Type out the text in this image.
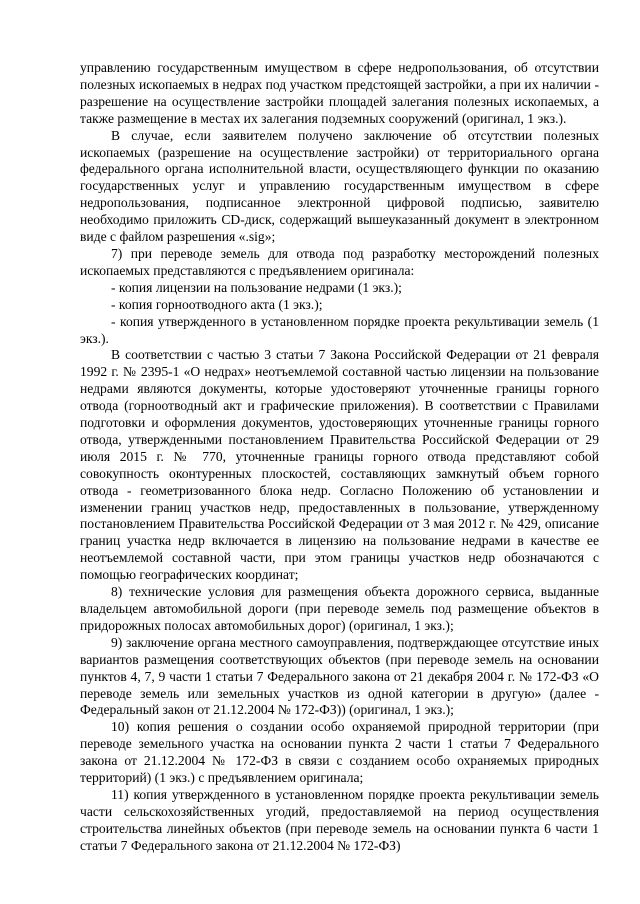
управлению государственным имуществом в сфере недропользования, об отсутствии полезных ископаемых в недрах под участком предстоящей застройки, а при их наличии - разрешение на осуществление застройки площадей залегания полезных ископаемых, а также размещение в местах их залегания подземных сооружений (оригинал, 1 экз.).

В случае, если заявителем получено заключение об отсутствии полезных ископаемых (разрешение на осуществление застройки) от территориального органа федерального органа исполнительной власти, осуществляющего функции по оказанию государственных услуг и управлению государственным имуществом в сфере недропользования, подписанное электронной цифровой подписью, заявителю необходимо приложить CD-диск, содержащий вышеуказанный документ в электронном виде с файлом разрешения «.sig»;

7) при переводе земель для отвода под разработку месторождений полезных ископаемых представляются с предъявлением оригинала:

- копия лицензии на пользование недрами (1 экз.);

- копия горноотводного акта (1 экз.);

- копия утвержденного в установленном порядке проекта рекультивации земель (1 экз.).

В соответствии с частью 3 статьи 7 Закона Российской Федерации от 21 февраля 1992 г. № 2395-1 «О недрах» неотъемлемой составной частью лицензии на пользование недрами являются документы, которые удостоверяют уточненные границы горного отвода (горноотводный акт и графические приложения). В соответствии с Правилами подготовки и оформления документов, удостоверяющих уточненные границы горного отвода, утвержденными постановлением Правительства Российской Федерации от 29 июля 2015 г. № 770, уточненные границы горного отвода представляют собой совокупность оконтуренных плоскостей, составляющих замкнутый объем горного отвода - геометризованного блока недр. Согласно Положению об установлении и изменении границ участков недр, предоставленных в пользование, утвержденному постановлением Правительства Российской Федерации от 3 мая 2012 г. № 429, описание границ участка недр включается в лицензию на пользование недрами в качестве ее неотъемлемой составной части, при этом границы участков недр обозначаются с помощью географических координат;

8) технические условия для размещения объекта дорожного сервиса, выданные владельцем автомобильной дороги (при переводе земель под размещение объектов в придорожных полосах автомобильных дорог) (оригинал, 1 экз.);

9) заключение органа местного самоуправления, подтверждающее отсутствие иных вариантов размещения соответствующих объектов (при переводе земель на основании пунктов 4, 7, 9 части 1 статьи 7 Федерального закона от 21 декабря 2004 г. № 172-ФЗ «О переводе земель или земельных участков из одной категории в другую» (далее - Федеральный закон от 21.12.2004 № 172-ФЗ)) (оригинал, 1 экз.);

10) копия решения о создании особо охраняемой природной территории (при переводе земельного участка на основании пункта 2 части 1 статьи 7 Федерального закона от 21.12.2004 № 172-ФЗ в связи с созданием особо охраняемых природных территорий) (1 экз.) с предъявлением оригинала;

11) копия утвержденного в установленном порядке проекта рекультивации земель части сельскохозяйственных угодий, предоставляемой на период осуществления строительства линейных объектов (при переводе земель на основании пункта 6 части 1 статьи 7 Федерального закона от 21.12.2004 № 172-ФЗ)
